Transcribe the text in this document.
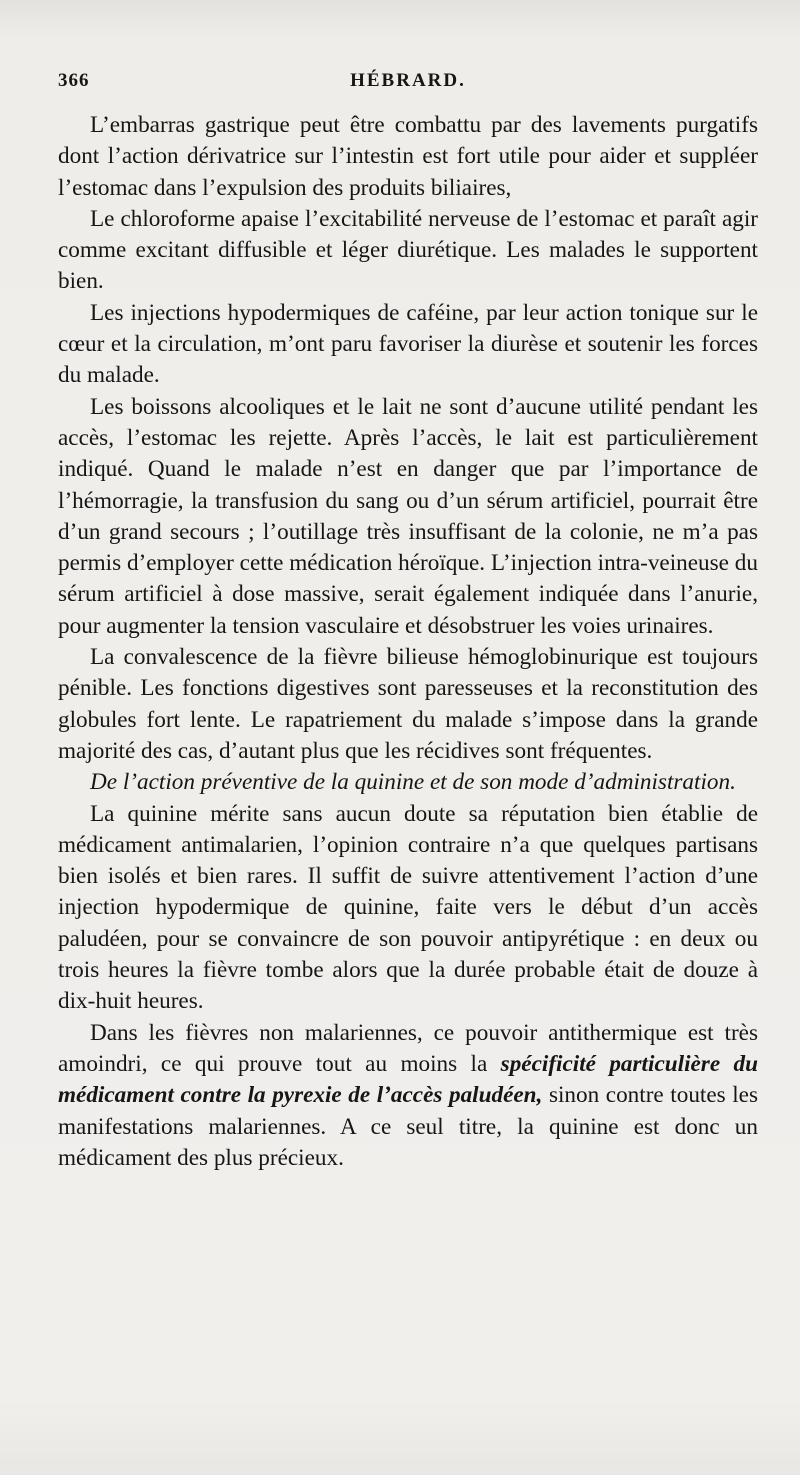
366	HÉBRARD.

L’embarras gastrique peut être combattu par des lavements purgatifs dont l’action dérivatrice sur l’intestin est fort utile pour aider et suppléer l’estomac dans l’expulsion des produits biliaires,

Le chloroforme apaise l’excitabilité nerveuse de l’estomac et paraît agir comme excitant diffusible et léger diurétique. Les malades le supportent bien.

Les injections hypodermiques de caféine, par leur action tonique sur le cœur et la circulation, m’ont paru favoriser la diurèse et soutenir les forces du malade.

Les boissons alcooliques et le lait ne sont d’aucune utilité pendant les accès, l’estomac les rejette. Après l’accès, le lait est particulièrement indiqué. Quand le malade n’est en danger que par l’importance de l’hémorragie, la transfusion du sang ou d’un sérum artificiel, pourrait être d’un grand secours ; l’outillage très insuffisant de la colonie, ne m’a pas permis d’employer cette médication héroïque. L’injection intra-veineuse du sérum artificiel à dose massive, serait également indiquée dans l’anurie, pour augmenter la tension vasculaire et désobstruer les voies urinaires.

La convalescence de la fièvre bilieuse hémoglobinurique est toujours pénible. Les fonctions digestives sont paresseuses et la reconstitution des globules fort lente. Le rapatriement du malade s’impose dans la grande majorité des cas, d’autant plus que les récidives sont fréquentes.

De l’action préventive de la quinine et de son mode d’administration.

La quinine mérite sans aucun doute sa réputation bien établie de médicament antimalarien, l’opinion contraire n’a que quelques partisans bien isolés et bien rares. Il suffit de suivre attentivement l’action d’une injection hypodermique de quinine, faite vers le début d’un accès paludéen, pour se convaincre de son pouvoir antipyrétique : en deux ou trois heures la fièvre tombe alors que la durée probable était de douze à dix-huit heures.

Dans les fièvres non malariennes, ce pouvoir antithermique est très amoindri, ce qui prouve tout au moins la spécificité particulière du médicament contre la pyrexie de l’accès paludéen, sinon contre toutes les manifestations malariennes. A ce seul titre, la quinine est donc un médicament des plus précieux.
